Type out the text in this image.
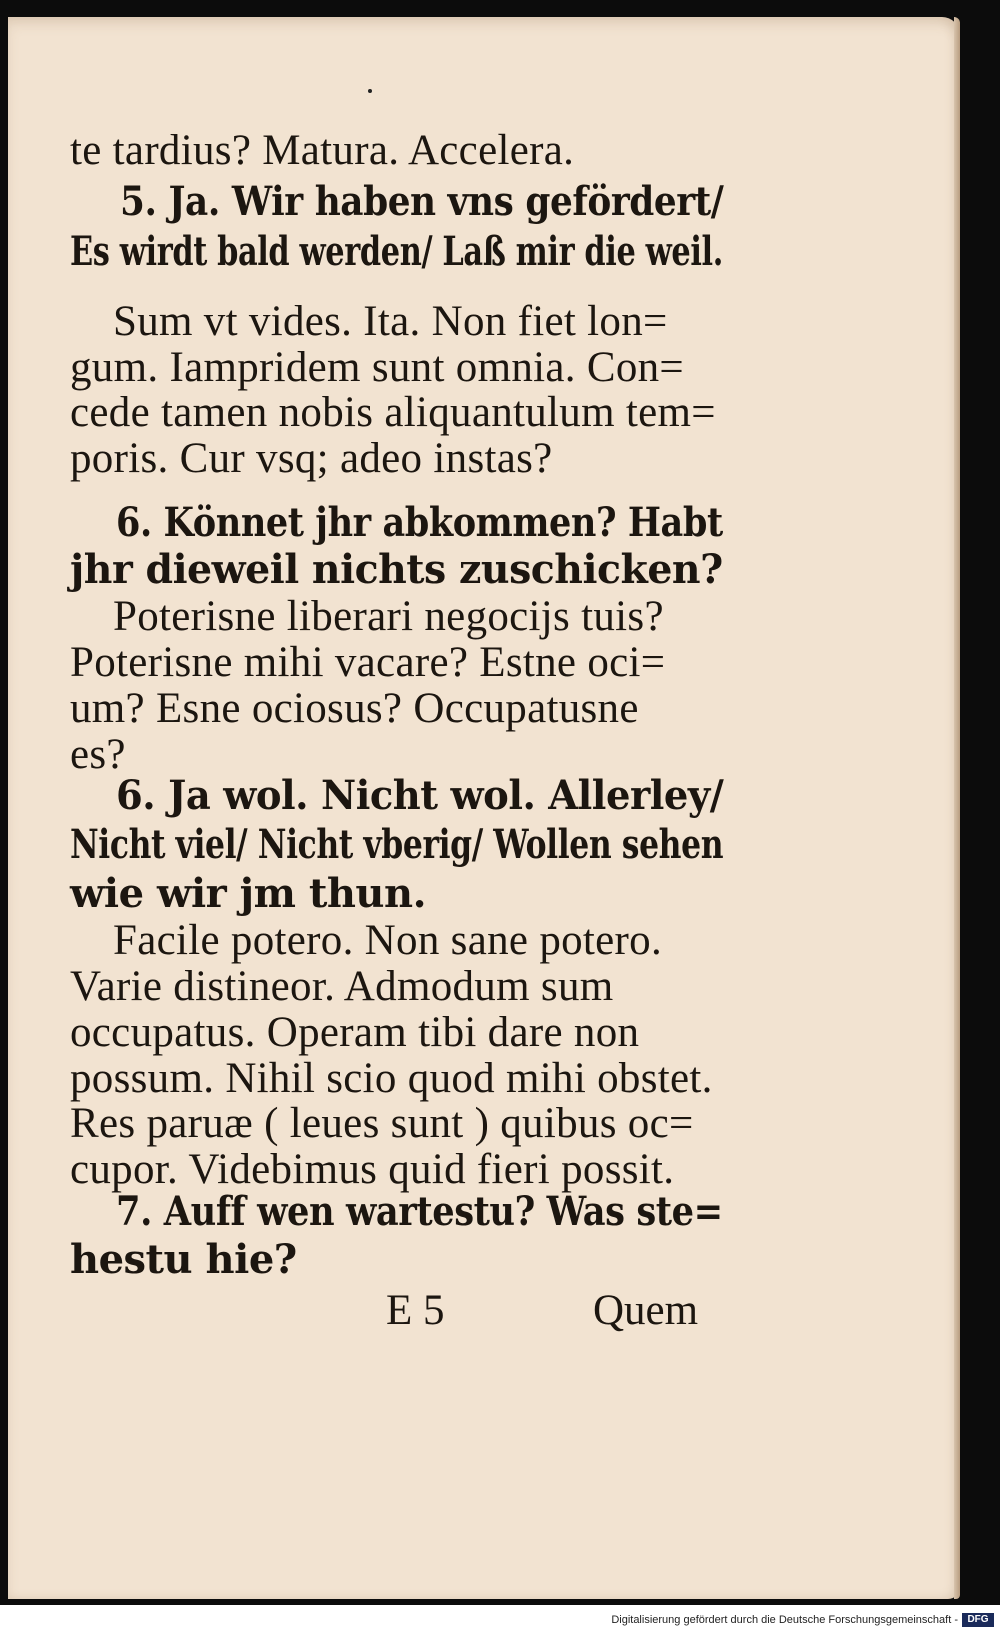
te tardius? Matura. Accelera.
5. Ja. Wir haben vns gefördert/
Es wirdt bald werden/ Laß mir die weil.
Sum vt vides. Ita. Non fiet lon=
gum. Iampridem sunt omnia. Con=
cede tamen nobis aliquantulum tem=
poris. Cur vsq; adeo instas?
6. Könnet jhr abkommen? Habt
jhr dieweil nichts zuschicken?
Poterisne liberari negocijs tuis?
Poterisne mihi vacare? Estne oci=
um? Esne ociosus? Occupatusne
es?
6. Ja wol. Nicht wol. Allerley/
Nicht viel/ Nicht vberig/ Wollen sehen
wie wir jm thun.
Facile potero. Non sane potero.
Varie distineor. Admodum sum
occupatus. Operam tibi dare non
possum. Nihil scio quod mihi obstet.
Res paruæ ( leues sunt ) quibus oc=
cupor. Videbimus quid fieri possit.
7. Auff wen wartestu? Was ste=
hestu hie?
E 5	Quem
Digitalisierung gefördert durch die Deutsche Forschungsgemeinschaft - DFG
